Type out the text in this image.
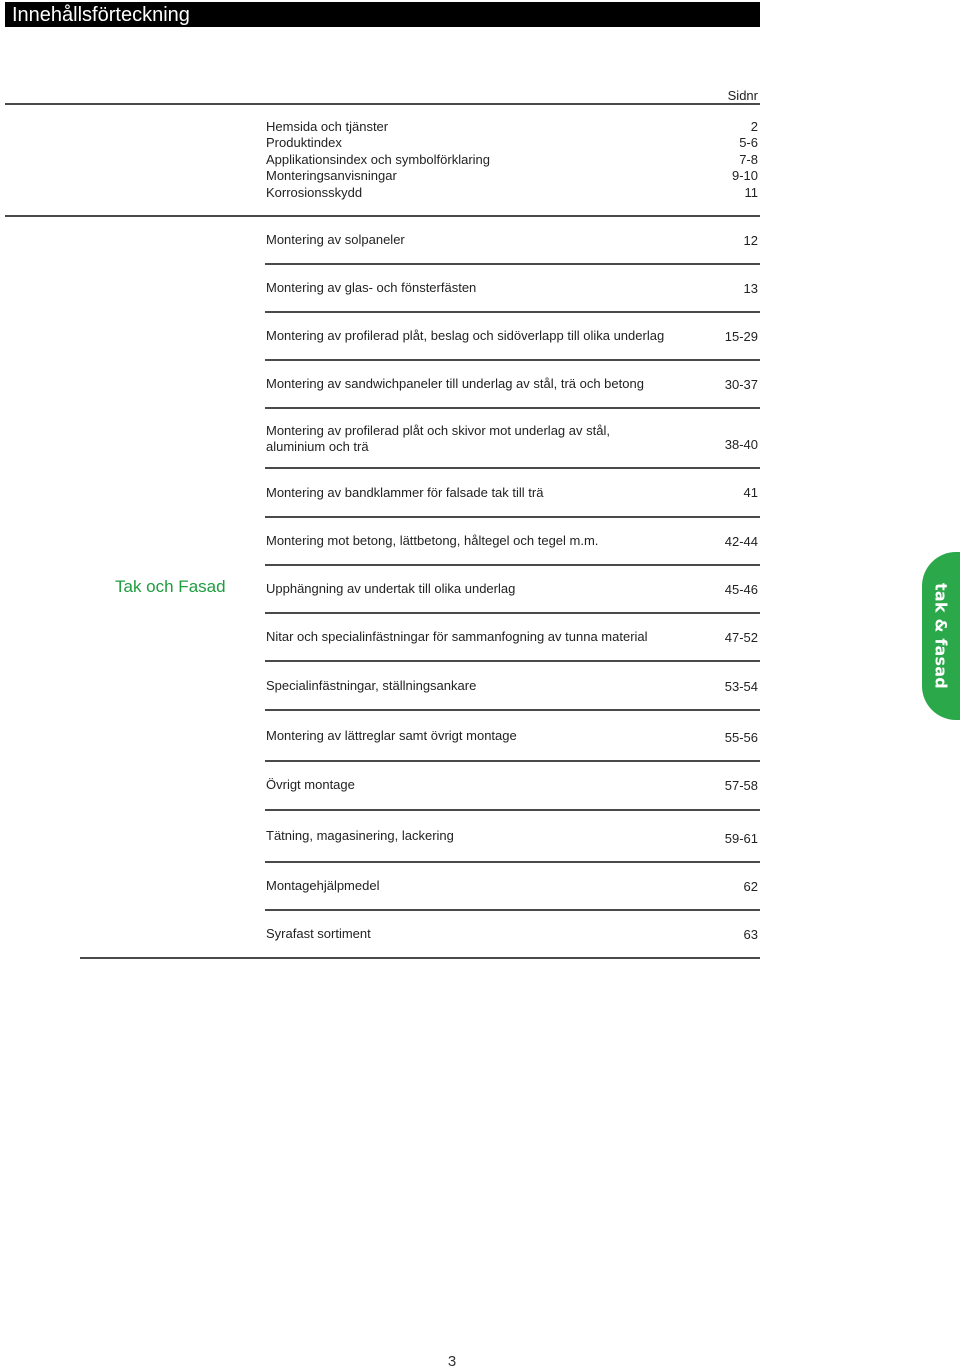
Innehållsförteckning
Sidnr
Hemsida och tjänster	2
Produktindex	5-6
Applikationsindex och symbolförklaring	7-8
Monteringsanvisningar	9-10
Korrosionsskydd	11
Montering av solpaneler	12
Montering av glas- och fönsterfästen	13
Montering av profilerad plåt, beslag och sidöverlapp till olika underlag	15-29
Montering av sandwichpaneler till underlag av stål, trä och betong	30-37
Montering av profilerad plåt och skivor mot underlag av stål,
aluminium och trä	38-40
Montering av bandklammer för falsade tak till trä	41
Montering mot betong, lättbetong, håltegel och tegel m.m.	42-44
Tak och Fasad	Upphängning av undertak till olika underlag	45-46
Nitar och specialinfästningar för sammanfogning av tunna material	47-52
Specialinfästningar, ställningsankare	53-54
Montering av lättreglar samt övrigt montage	55-56
Övrigt montage	57-58
Tätning, magasinering, lackering	59-61
Montagehjälpmedel	62
Syrafast sortiment	63
tak & fasad
3
